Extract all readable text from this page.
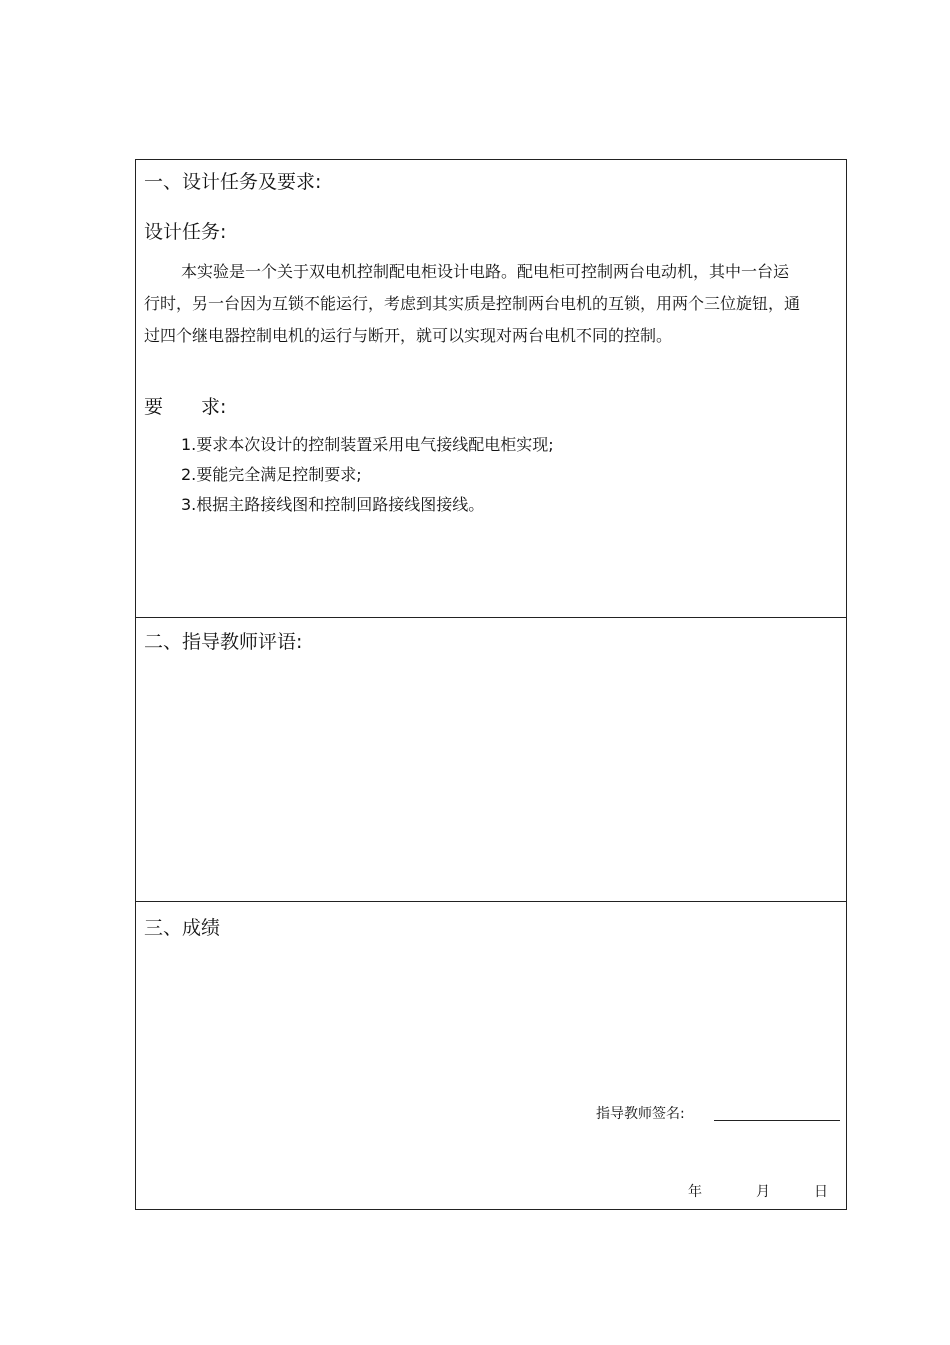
一、设计任务及要求:
设计任务:
本实验是一个关于双电机控制配电柜设计电路。配电柜可控制两台电动机，其中一台运行时，另一台因为互锁不能运行，考虑到其实质是控制两台电机的互锁，用两个三位旋钮，通过四个继电器控制电机的运行与断开，就可以实现对两台电机不同的控制。
要　　求:
1.要求本次设计的控制装置采用电气接线配电柜实现;
2.要能完全满足控制要求;
3.根据主路接线图和控制回路接线图接线。
二、指导教师评语:
三、成绩
指导教师签名:
年	月	日
